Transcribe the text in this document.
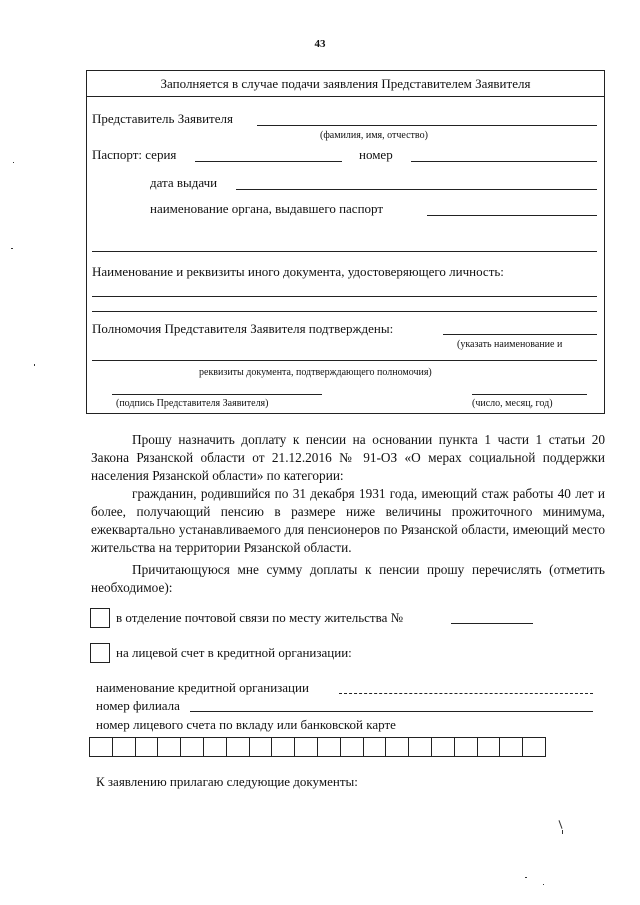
43
Заполняется в случае подачи заявления Представителем Заявителя
Представитель Заявителя
(фамилия, имя, отчество)
Паспорт: серия	номер
дата выдачи
наименование органа, выдавшего паспорт
Наименование и реквизиты иного документа, удостоверяющего личность:
Полномочия Представителя Заявителя подтверждены:
(указать наименование и
реквизиты документа, подтверждающего полномочия)
(подпись Представителя Заявителя)	(число, месяц, год)
Прошу назначить доплату к пенсии на основании пункта 1 части 1 статьи 20 Закона Рязанской области от 21.12.2016 № 91-ОЗ «О мерах социальной поддержки населения Рязанской области» по категории:
гражданин, родившийся по 31 декабря 1931 года, имеющий стаж работы 40 лет и более, получающий пенсию в размере ниже величины прожиточного минимума, ежеквартально устанавливаемого для пенсионеров по Рязанской области, имеющий место жительства на территории Рязанской области.
Причитающуюся мне сумму доплаты к пенсии прошу перечислять (отметить необходимое):
в отделение почтовой связи по месту жительства №
на лицевой счет в кредитной организации:
наименование кредитной организации
номер филиала
номер лицевого счета по вкладу или банковской карте
К заявлению прилагаю следующие документы:
